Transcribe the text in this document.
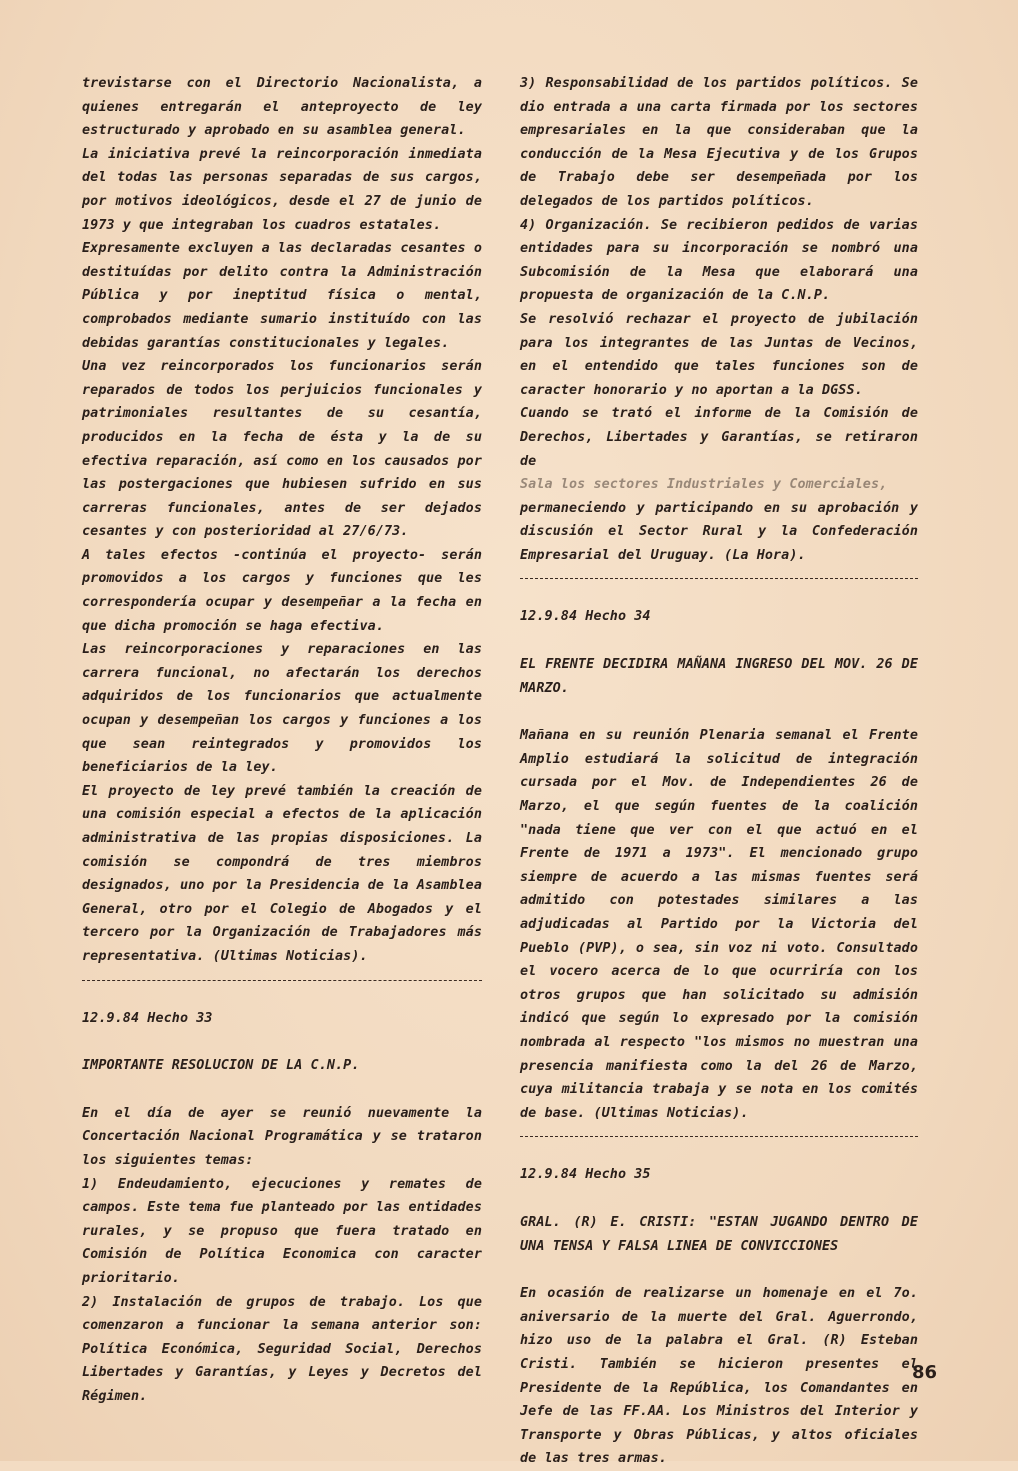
trevistarse con el Directorio Nacionalista, a quienes entregarán el anteproyecto de ley estructurado y aprobado en su asamblea general.

La iniciativa prevé la reincorporación inmediata del todas las personas separadas de sus cargos, por motivos ideológicos, desde el 27 de junio de 1973 y que integraban los cuadros estatales.

Expresamente excluyen a las declaradas cesantes o destituídas por delito contra la Administración Pública y por ineptitud física o mental, comprobados mediante sumario instituído con las debidas garantías constitucionales y legales.

Una vez reincorporados los funcionarios serán reparados de todos los perjuicios funcionales y patrimoniales resultantes de su cesantía, producidos en la fecha de ésta y la de su efectiva reparación, así como en los causados por las postergaciones que hubiesen sufrido en sus carreras funcionales, antes de ser dejados cesantes y con posterioridad al 27/6/73.

A tales efectos -continúa el proyecto- serán promovidos a los cargos y funciones que les correspondería ocupar y desempeñar a la fecha en que dicha promoción se haga efectiva.

Las reincorporaciones y reparaciones en las carrera funcional, no afectarán los derechos adquiridos de los funcionarios que actualmente ocupan y desempeñan los cargos y funciones a los que sean reintegrados y promovidos los beneficiarios de la ley.

El proyecto de ley prevé también la creación de una comisión especial a efectos de la aplicación administrativa de las propias disposiciones. La comisión se compondrá de tres miembros designados, uno por la Presidencia de la Asamblea General, otro por el Colegio de Abogados y el tercero por la Organización de Trabajadores más representativa. (Ultimas Noticias).

12.9.84 Hecho 33

IMPORTANTE RESOLUCION DE LA C.N.P.

En el día de ayer se reunió nuevamente la Concertación Nacional Programática y se trataron los siguientes temas:

1) Endeudamiento, ejecuciones y remates de campos. Este tema fue planteado por las entidades rurales, y se propuso que fuera tratado en Comisión de Política Economica con caracter prioritario.

2) Instalación de grupos de trabajo. Los que comenzaron a funcionar la semana anterior son: Política Económica, Seguridad Social, Derechos Libertades y Garantías, y Leyes y Decretos del Régimen.

3) Responsabilidad de los partidos políticos. Se dio entrada a una carta firmada por los sectores empresariales en la que consideraban que la conducción de la Mesa Ejecutiva y de los Grupos de Trabajo debe ser desempeñada por los delegados de los partidos políticos.

4) Organización. Se recibieron pedidos de varias entidades para su incorporación se nombró una Subcomisión de la Mesa que elaborará una propuesta de organización de la C.N.P.

Se resolvió rechazar el proyecto de jubilación para los integrantes de las Juntas de Vecinos, en el entendido que tales funciones son de caracter honorario y no aportan a la DGSS.

Cuando se trató el informe de la Comisión de Derechos, Libertades y Garantías, se retiraron de

Sala los sectores Industriales y Comerciales,

permaneciendo y participando en su aprobación y discusión el Sector Rural y la Confederación Empresarial del Uruguay. (La Hora).

12.9.84 Hecho 34

EL FRENTE DECIDIRA MAÑANA INGRESO DEL MOV. 26 DE MARZO.

Mañana en su reunión Plenaria semanal el Frente Amplio estudiará la solicitud de integración cursada por el Mov. de Independientes 26 de Marzo, el que según fuentes de la coalición "nada tiene que ver con el que actuó en el Frente de 1971 a 1973". El mencionado grupo siempre de acuerdo a las mismas fuentes será admitido con potestades similares a las adjudicadas al Partido por la Victoria del Pueblo (PVP), o sea, sin voz ni voto. Consultado el vocero acerca de lo que ocurriría con los otros grupos que han solicitado su admisión indicó que según lo expresado por la comisión nombrada al respecto "los mismos no muestran una presencia manifiesta como la del 26 de Marzo, cuya militancia trabaja y se nota en los comités de base. (Ultimas Noticias).

12.9.84 Hecho 35

GRAL. (R) E. CRISTI: "ESTAN JUGANDO DENTRO DE UNA TENSA Y FALSA LINEA DE CONVICCIONES

En ocasión de realizarse un homenaje en el 7o. aniversario de la muerte del Gral. Aguerrondo, hizo uso de la palabra el Gral. (R) Esteban Cristi. También se hicieron presentes el Presidente de la República, los Comandantes en Jefe de las FF.AA. Los Ministros del Interior y Transporte y Obras Públicas, y altos oficiales de las tres armas.

86
